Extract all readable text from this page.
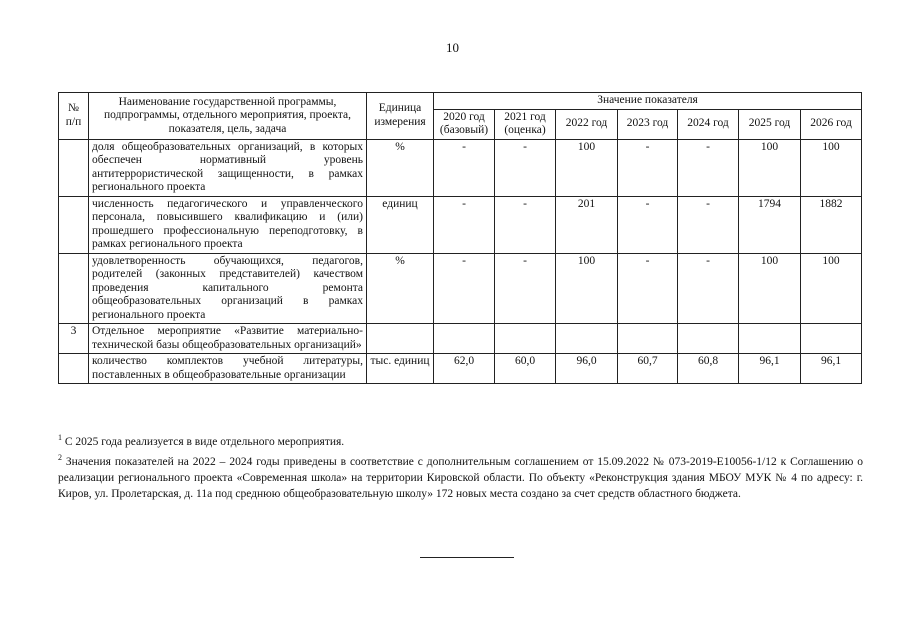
10
№ п/п	Наименование государственной программы, подпрограммы, отдельного мероприятия, проекта, показателя, цель, задача	Единица измерения	Значение показателя						
			2020 год (базовый)	2021 год (оценка)	2022 год	2023 год	2024 год	2025 год	2026 год
	доля общеобразовательных организаций, в которых обеспечен нормативный уровень антитеррористической защищенности, в рамках регионального проекта	%	-	-	100	-	-	100	100
	численность педагогического и управленческого персонала, повысившего квалификацию и (или) прошедшего профессиональную переподготовку, в рамках регионального проекта	единиц	-	-	201	-	-	1794	1882
	удовлетворенность обучающихся, педагогов, родителей (законных представителей) качеством проведения капитального ремонта общеобразовательных организаций в рамках регионального проекта	%	-	-	100	-	-	100	100
3	Отдельное мероприятие «Развитие материально-технической базы общеобразовательных организаций»								
	количество комплектов учебной литературы, поставленных в общеобразовательные организации	тыс. единиц	62,0	60,0	96,0	60,7	60,8	96,1	96,1

$^1$ С 2025 года реализуется в виде отдельного мероприятия.

$^2$ Значения показателей на 2022 – 2024 годы приведены в соответствие с дополнительным соглашением от 15.09.2022 № 073-2019-E10056-1/12 к Соглашению о реализации регионального проекта «Современная школа» на территории Кировской области. По объекту «Реконструкция здания МБОУ МУК № 4 по адресу: г. Киров, ул. Пролетарская, д. 11а под среднюю общеобразовательную школу» 172 новых места создано за счет средств областного бюджета.
